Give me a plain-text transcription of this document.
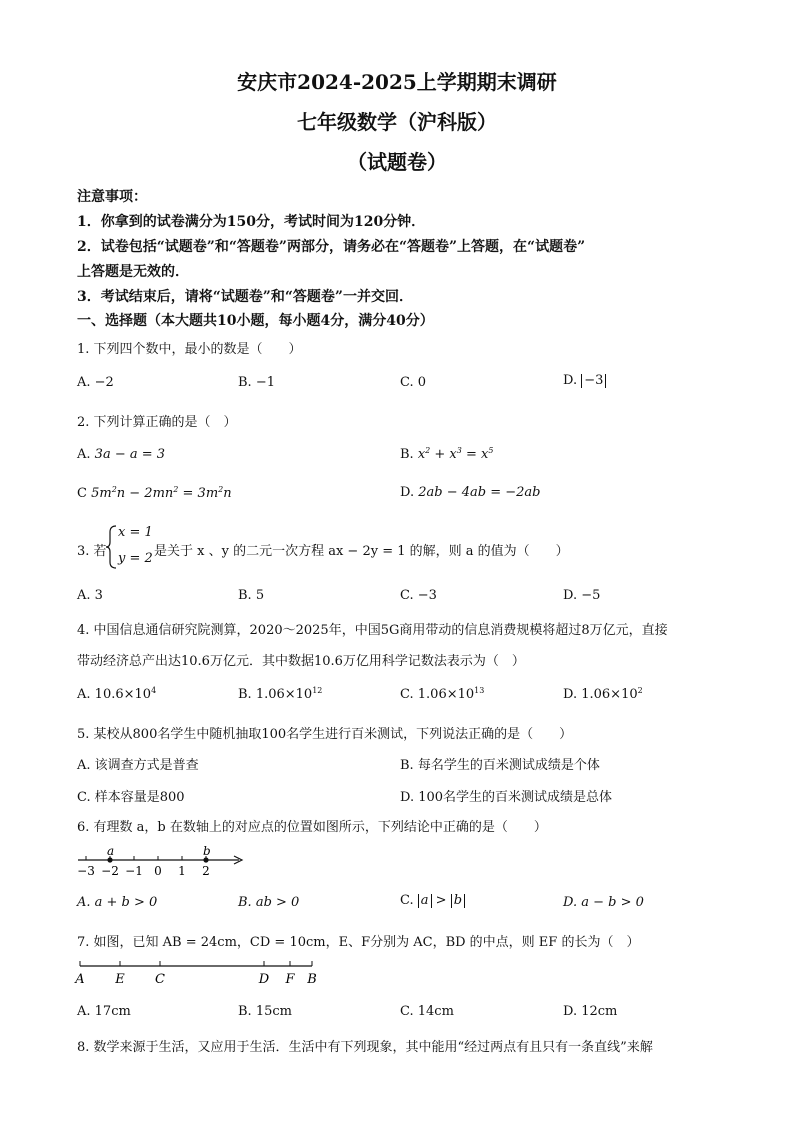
安庆市2024-2025上学期期末调研
七年级数学（沪科版）
（试题卷）
注意事项：
1．你拿到的试卷满分为150分，考试时间为120分钟．
2．试卷包括“试题卷”和“答题卷”两部分，请务必在“答题卷”上答题，在“试题卷”
上答题是无效的．
3．考试结束后，请将“试题卷”和“答题卷”一并交回．
一、选择题（本大题共10小题，每小题4分，满分40分）
1. 下列四个数中，最小的数是（　　）
A. −2	B. −1	C. 0	D. −3
2. 下列计算正确的是（　）
A. 3a − a = 3	B. $x^2 + x^3 = x^5$
C $5m^2n - 2mn^2 = 3m^2n$	D. 2ab − 4ab = −2ab
3. 若
x = 1
y = 2 是关于 x 、y 的二元一次方程 ax − 2y = 1 的解，则 a 的值为（　　）
A. 3	B. 5	C. −3	D. −5
4. 中国信息通信研究院测算，2020～2025年，中国5G商用带动的信息消费规模将超过8万亿元，直接
带动经济总产出达10.6万亿元．其中数据10.6万亿用科学记数法表示为（　）
A. $10.6\times 10^4$	B. $1.06\times 10^{12}$	C. $1.06\times 10^{13}$	D. $1.06\times 10^2$
5. 某校从800名学生中随机抽取100名学生进行百米测试，下列说法正确的是（　　）
A. 该调查方式是普查	B. 每名学生的百米测试成绩是个体
C. 样本容量是800	D. 100名学生的百米测试成绩是总体
6. 有理数 a，b 在数轴上的对应点的位置如图所示，下列结论中正确的是（　　）
−3 −2 −1 0 1 2
a	b
A. a + b > 0	B. ab > 0	C. a > b	D. a − b > 0
7. 如图，已知 AB = 24cm，CD = 10cm，E、F分别为 AC，BD 的中点，则 EF 的长为（　）
A E C	D F B
A. 17cm	B. 15cm	C. 14cm	D. 12cm
8. 数学来源于生活，又应用于生活．生活中有下列现象，其中能用“经过两点有且只有一条直线”来解
